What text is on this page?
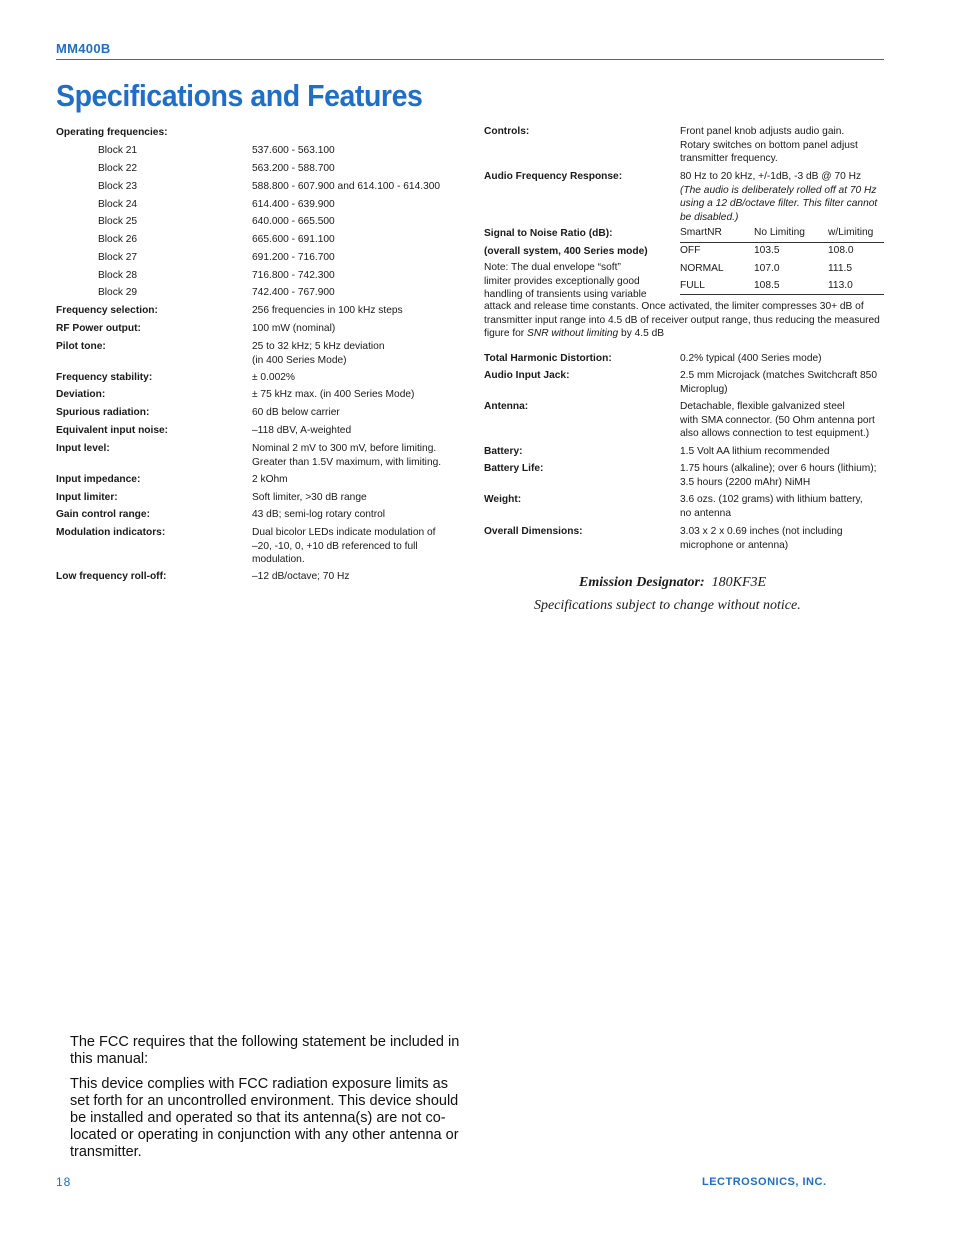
MM400B
Specifications and Features
Operating frequencies:
Block 21	537.600 - 563.100
Block 22	563.200 - 588.700
Block 23	588.800 - 607.900 and 614.100 - 614.300
Block 24	614.400 - 639.900
Block 25	640.000 - 665.500
Block 26	665.600 - 691.100
Block 27	691.200 - 716.700
Block 28	716.800 - 742.300
Block 29	742.400 - 767.900
Frequency selection:	256 frequencies in 100 kHz steps
RF Power output:	100 mW (nominal)
Pilot tone:	25 to 32 kHz; 5 kHz deviation
(in 400 Series Mode)
Frequency stability:	± 0.002%
Deviation:	± 75 kHz max. (in 400 Series Mode)
Spurious radiation:	60 dB below carrier
Equivalent input noise:	–118 dBV, A-weighted
Input level:	Nominal 2 mV to 300 mV, before limiting.
Greater than 1.5V maximum, with limiting.
Input impedance:	2 kOhm
Input limiter:	Soft limiter, >30 dB range
Gain control range:	43 dB; semi-log rotary control
Modulation indicators:	Dual bicolor LEDs indicate modulation of
–20, -10, 0, +10 dB referenced to full
modulation.
Low frequency roll-off:	–12 dB/octave; 70 Hz
Controls:	Front panel knob adjusts audio gain.
Rotary switches on bottom panel adjust
transmitter frequency.
Audio Frequency Response:	80 Hz to 20 kHz, +/-1dB, -3 dB @ 70 Hz
(The audio is deliberately rolled off at 70 Hz
using a 12 dB/octave filter. This filter cannot
be disabled.)
Signal to Noise Ratio (dB):
(overall system, 400 Series mode)
Note: The dual envelope “soft”
limiter provides exceptionally good
handling of transients using variable
attack and release time constants. Once activated, the limiter compresses 30+ dB of
transmitter input range into 4.5 dB of receiver output range, thus reducing the measured
figure for SNR without limiting by 4.5 dB
SmartNR	No Limiting	w/Limiting
OFF	103.5	108.0
NORMAL	107.0	111.5
FULL	108.5	113.0
Total Harmonic Distortion:	0.2% typical (400 Series mode)
Audio Input Jack:	2.5 mm Microjack (matches Switchcraft 850
Microplug)
Antenna:	Detachable, flexible galvanized steel
with SMA connector. (50 Ohm antenna port
also allows connection to test equipment.)
Battery:	1.5 Volt AA lithium recommended
Battery Life:	1.75 hours (alkaline); over 6 hours (lithium);
3.5 hours (2200 mAhr) NiMH
Weight:	3.6 ozs. (102 grams) with lithium battery,
no antenna
Overall Dimensions:	3.03 x 2 x 0.69 inches (not including
microphone or antenna)
Emission Designator: 180KF3E
Specifications subject to change without notice.
The FCC requires that the following statement be included in this manual:
This device complies with FCC radiation exposure limits as set forth for an uncontrolled environment. This device should be installed and operated so that its antenna(s) are not co-located or operating in conjunction with any other antenna or transmitter.
18	LECTROSONICS, INC.
